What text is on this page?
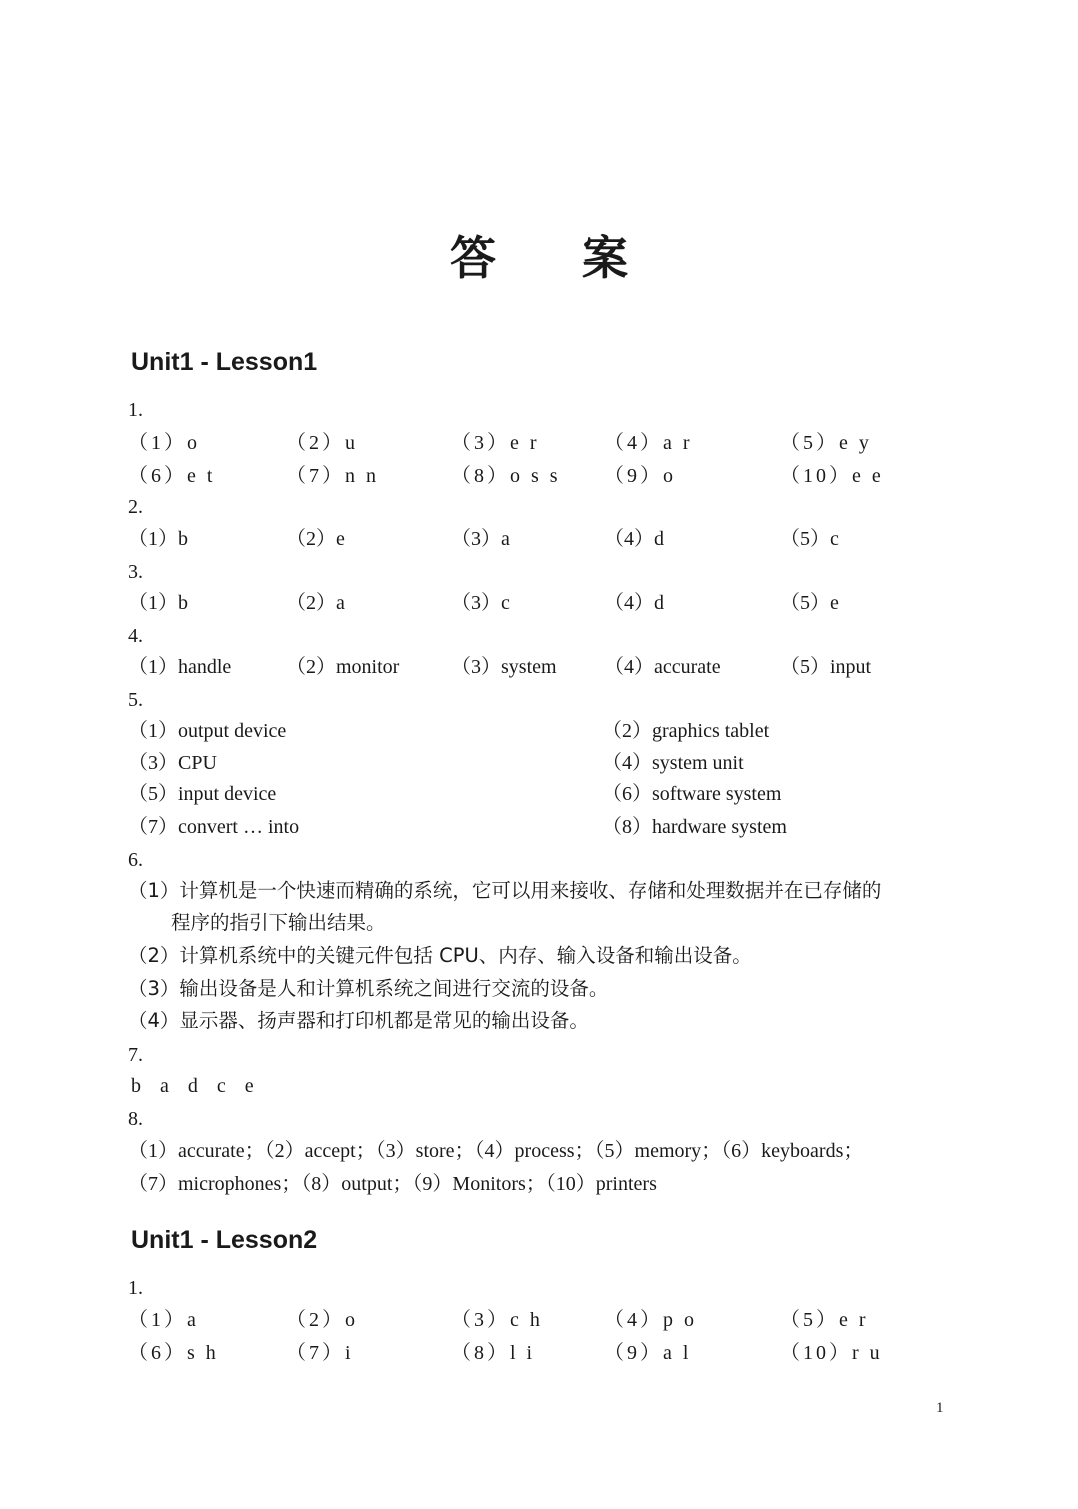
答 案
Unit1 - Lesson1
1.
（1）o	（2）u	（3）e r	（4）a r	（5）e y
（6）e t	（7）n n	（8）o s s （9）o	（10）e e
2.
（1）b	（2）e	（3）a	（4）d	（5）c
3.
（1）b	（2）a	（3）c	（4）d	（5）e
4.
（1）handle	（2）monitor	（3）system （4）accurate	（5）input
5.
（1）output device	（2）graphics tablet
（3）CPU	（4）system unit
（5）input device	（6）software system
（7）convert … into	（8）hardware system
6.
（1）计算机是一个快速而精确的系统，它可以用来接收、存储和处理数据并在已存储的
程序的指引下输出结果。
（2）计算机系统中的关键元件包括 CPU、内存、输入设备和输出设备。
（3）输出设备是人和计算机系统之间进行交流的设备。
（4）显示器、扬声器和打印机都是常见的输出设备。
7.
b a d c e
8.
（1）accurate；（2）accept；（3）store；（4）process；（5）memory；（6）keyboards；
（7）microphones；（8）output；（9）Monitors；（10）printers
Unit1 - Lesson2
1.
（1）a	（2）o	（3）c h	（4）p o	（5）e r
（6）s h	（7）i	（8）l i	（9）a l	（10）r u
1
